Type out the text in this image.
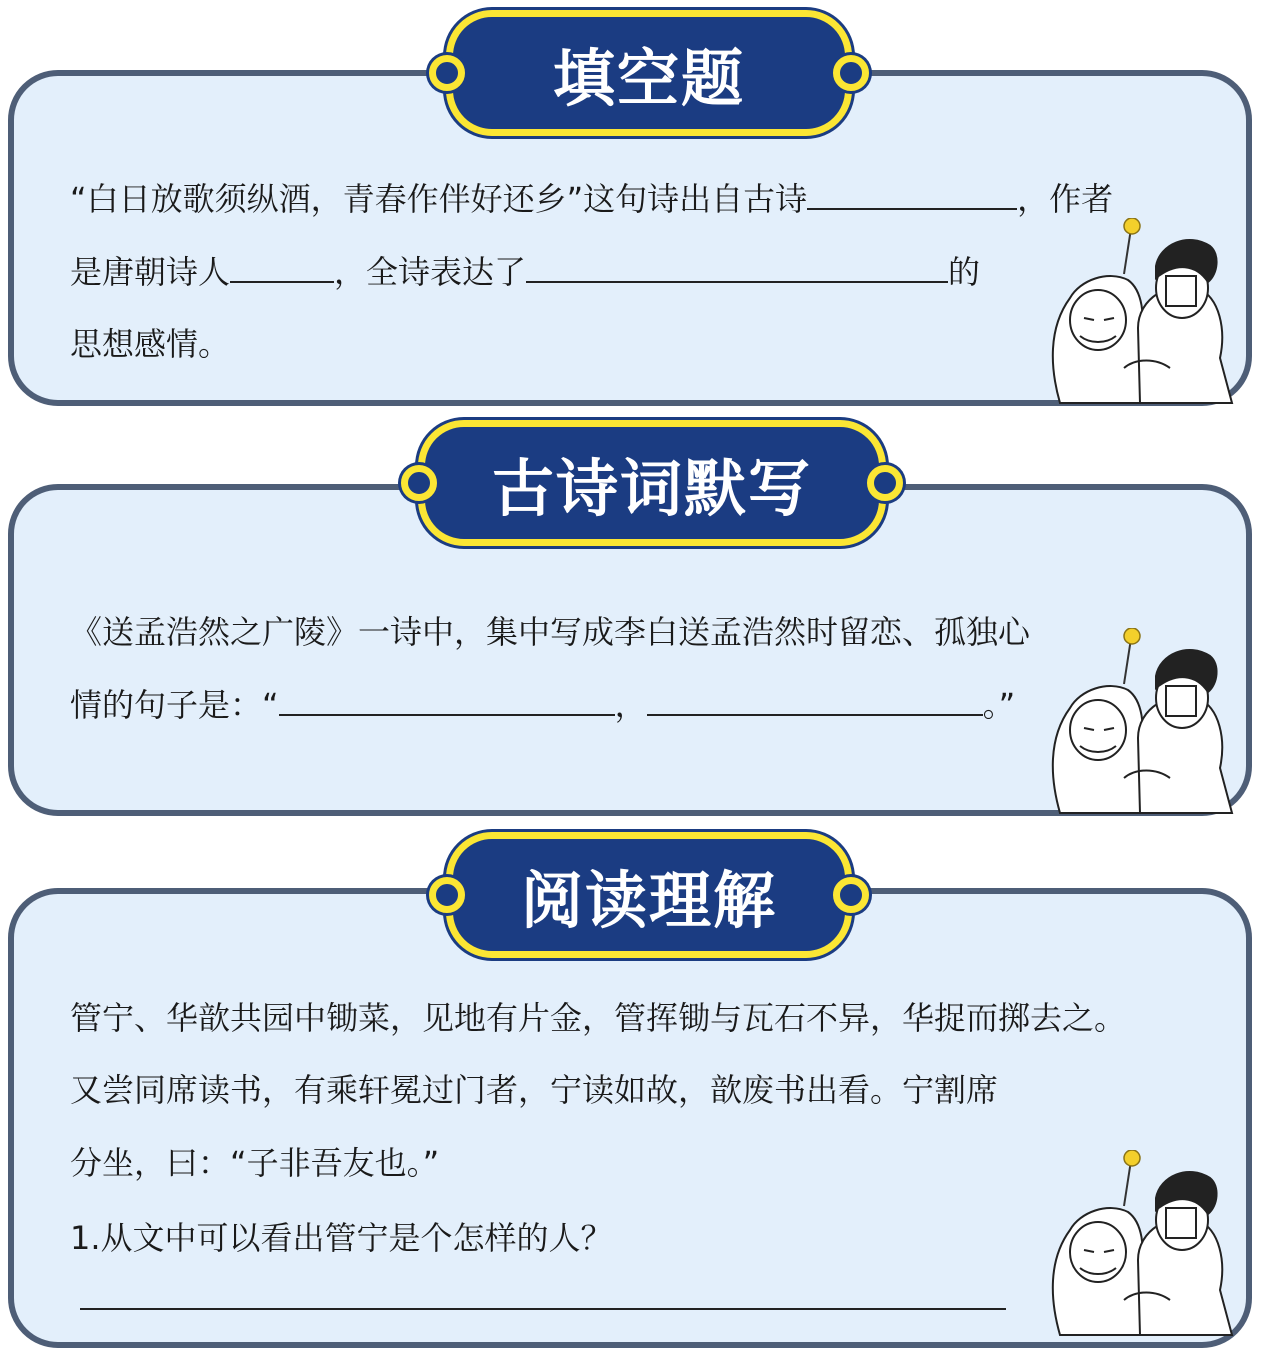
填空题
“白日放歌须纵酒，青春作伴好还乡”这句诗出自古诗	，作者
是唐朝诗人	，全诗表达了	的
思想感情。
古诗词默写
《送孟浩然之广陵》一诗中，集中写成李白送孟浩然时留恋、孤独心
情的句子是：“	，	。”
阅读理解
管宁、华歆共园中锄菜，见地有片金，管挥锄与瓦石不异，华捉而掷去之。
又尝同席读书，有乘轩冕过门者，宁读如故，歆废书出看。宁割席
分坐，曰：“子非吾友也。”
1.从文中可以看出管宁是个怎样的人？
